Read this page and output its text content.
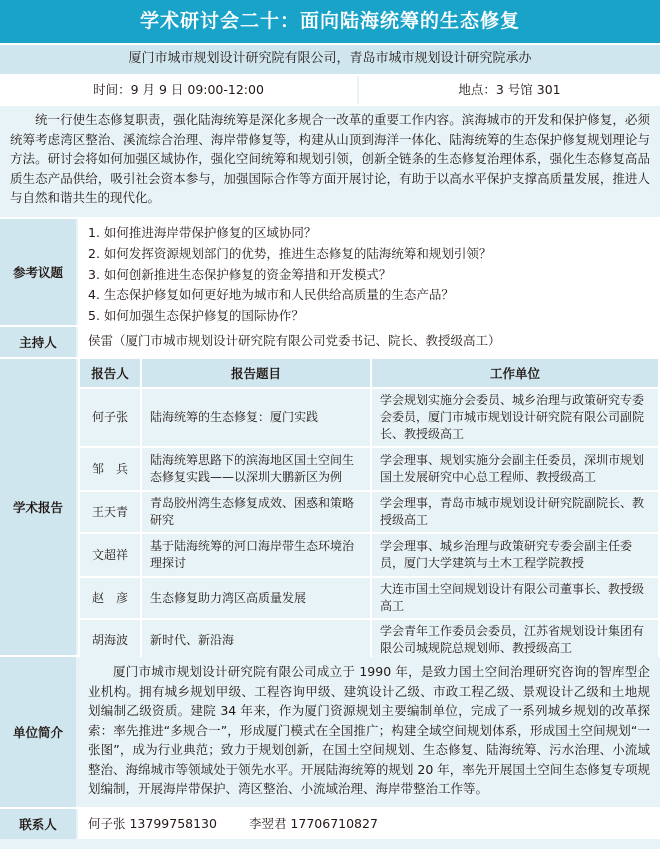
学术研讨会二十：面向陆海统筹的生态修复
厦门市城市规划设计研究院有限公司，青岛市城市规划设计研究院承办
时间：9 月 9 日 09:00-12:00	地点：3 号馆 301
统一行使生态修复职责，强化陆海统筹是深化多规合一改革的重要工作内容。滨海城市的开发和保护修复，必须统筹考虑湾区整治、溪流综合治理、海岸带修复等，构建从山顶到海洋一体化、陆海统筹的生态保护修复规划理论与方法。研讨会将如何加强区域协作，强化空间统筹和规划引领，创新全链条的生态修复治理体系，强化生态修复高品质生态产品供给，吸引社会资本参与，加强国际合作等方面开展讨论，有助于以高水平保护支撑高质量发展，推进人与自然和谐共生的现代化。
参考议题
1. 如何推进海岸带保护修复的区域协同？
2. 如何发挥资源规划部门的优势，推进生态修复的陆海统筹和规划引领？
3. 如何创新推进生态保护修复的资金筹措和开发模式？
4. 生态保护修复如何更好地为城市和人民供给高质量的生态产品？
5. 如何加强生态保护修复的国际协作？
主持人	侯雷（厦门市城市规划设计研究院有限公司党委书记、院长、教授级高工）
学术报告
报告人	报告题目	工作单位
何子张	陆海统筹的生态修复：厦门实践	学会规划实施分会委员、城乡治理与政策研究专委会委员，厦门市城市规划设计研究院有限公司副院长、教授级高工
邹　兵	陆海统筹思路下的滨海地区国土空间生态修复实践——以深圳大鹏新区为例	学会理事、规划实施分会副主任委员，深圳市规划国土发展研究中心总工程师、教授级高工
王天青	青岛胶州湾生态修复成效、困惑和策略研究	学会理事，青岛市城市规划设计研究院副院长、教授级高工
文超祥	基于陆海统筹的河口海岸带生态环境治理探讨	学会理事、城乡治理与政策研究专委会副主任委员，厦门大学建筑与土木工程学院教授
赵　彦	生态修复助力湾区高质量发展	大连市国土空间规划设计有限公司董事长、教授级高工
胡海波	新时代、新沿海	学会青年工作委员会委员，江苏省规划设计集团有限公司城规院总规划师、教授级高工
单位简介
厦门市城市规划设计研究院有限公司成立于 1990 年，是致力国土空间治理研究咨询的智库型企业机构。拥有城乡规划甲级、工程咨询甲级、建筑设计乙级、市政工程乙级、景观设计乙级和土地规划编制乙级资质。建院 34 年来，作为厦门资源规划主要编制单位，完成了一系列城乡规划的改革探索：率先推进“多规合一”，形成厦门模式在全国推广；构建全域空间规划体系，形成国土空间规划“一张图”，成为行业典范；致力于规划创新，在国土空间规划、生态修复、陆海统筹、污水治理、小流域整治、海绵城市等领域处于领先水平。开展陆海统筹的规划 20 年，率先开展国土空间生态修复专项规划编制，开展海岸带保护、湾区整治、小流域治理、海岸带整治工作等。
联系人	何子张 13799758130	李翌君 17706710827
